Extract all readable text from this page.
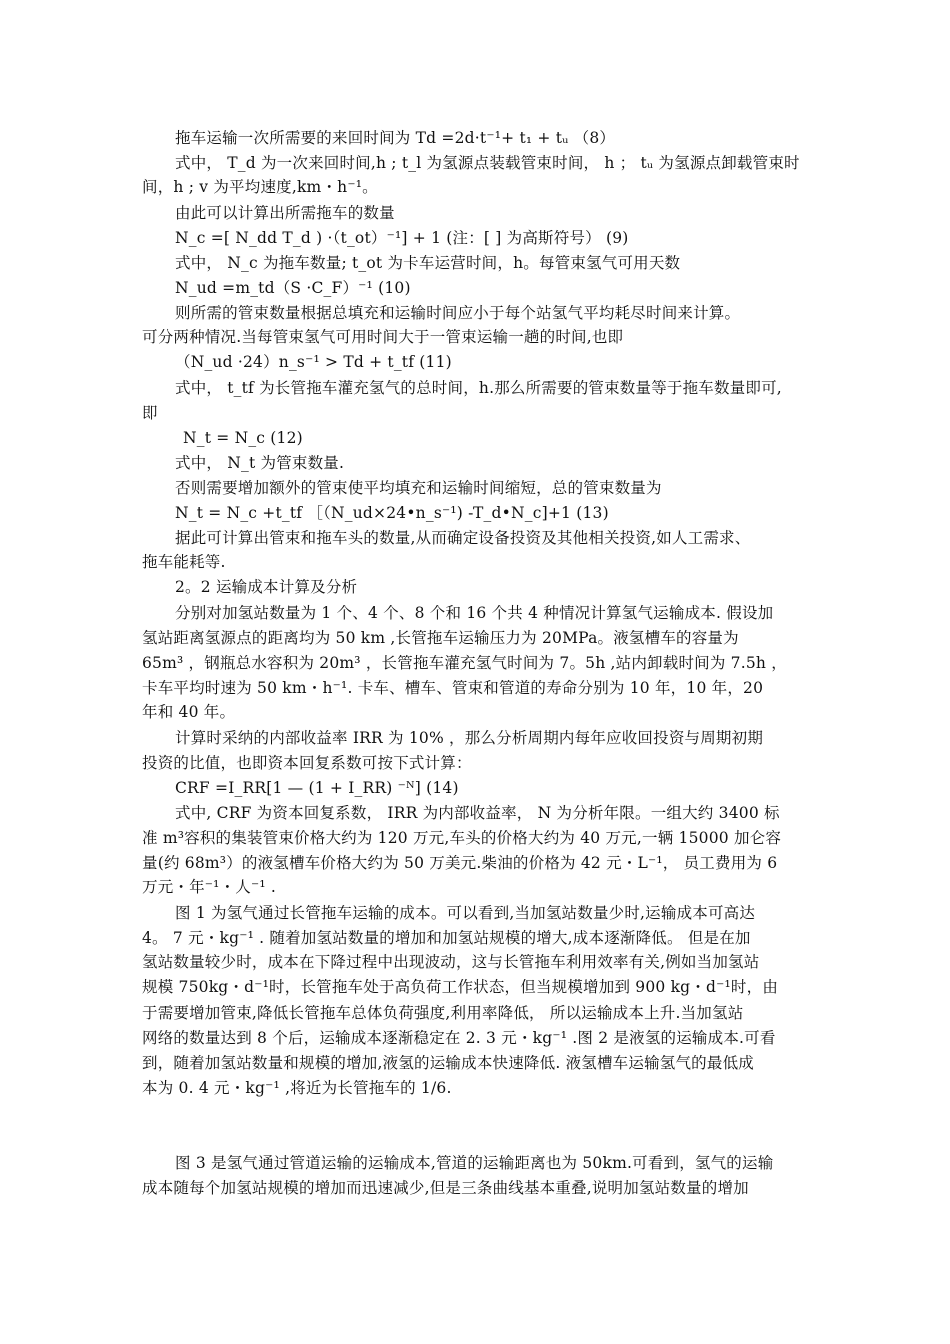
拖车运输一次所需要的来回时间为 Td =2d·t⁻¹+ t₁ + tᵤ （8）
式中， T_d 为一次来回时间,h ; t_l 为氢源点装载管束时间， h ； tᵤ 为氢源点卸载管束时
间，h ; v 为平均速度,km・h⁻¹。
由此可以计算出所需拖车的数量
N_c =[ N_dd T_d ) ·（t_ot）⁻¹] + 1 (注：[ ] 为高斯符号） (9)
式中， N_c 为拖车数量; t_ot 为卡车运营时间，h。每管束氢气可用天数
N_ud =m_td（S ·C_F）⁻¹ (10)
则所需的管束数量根据总填充和运输时间应小于每个站氢气平均耗尽时间来计算。
可分两种情况.当每管束氢气可用时间大于一管束运输一趟的时间,也即
（N_ud ·24）n_s⁻¹ > Td + t_tf (11)
式中， t_tf 为长管拖车灌充氢气的总时间，h.那么所需要的管束数量等于拖车数量即可,
即
N_t = N_c (12)
式中， N_t 为管束数量.
否则需要增加额外的管束使平均填充和运输时间缩短，总的管束数量为
N_t = N_c +t_tf ［（N_ud×24•n_s⁻¹) -T_d•N_c]+1 (13)
据此可计算出管束和拖车头的数量,从而确定设备投资及其他相关投资,如人工需求、
拖车能耗等.
2。2 运输成本计算及分析
分别对加氢站数量为 1 个、4 个、8 个和 16 个共 4 种情况计算氢气运输成本. 假设加
氢站距离氢源点的距离均为 50 km ,长管拖车运输压力为 20MPa。液氢槽车的容量为
65m³ ，钢瓶总水容积为 20m³ ，长管拖车灌充氢气时间为 7。5h ,站内卸载时间为 7.5h ，
卡车平均时速为 50 km・h⁻¹. 卡车、槽车、管束和管道的寿命分别为 10 年，10 年，20
年和 40 年。
计算时采纳的内部收益率 IRR 为 10% ，那么分析周期内每年应收回投资与周期初期
投资的比值，也即资本回复系数可按下式计算：
CRF =I_RR[1 — (1 + I_RR) ⁻ᴺ] (14)
式中, CRF 为资本回复系数， IRR 为内部收益率， N 为分析年限。一组大约 3400 标
准 m³容积的集装管束价格大约为 120 万元,车头的价格大约为 40 万元,一辆 15000 加仑容
量(约 68m³）的液氢槽车价格大约为 50 万美元.柴油的价格为 42 元・L⁻¹， 员工费用为 6
万元・年⁻¹・人⁻¹ .
图 1 为氢气通过长管拖车运输的成本。可以看到,当加氢站数量少时,运输成本可高达
4。 7 元・kg⁻¹ . 随着加氢站数量的增加和加氢站规模的增大,成本逐渐降低。 但是在加
氢站数量较少时，成本在下降过程中出现波动，这与长管拖车利用效率有关,例如当加氢站
规模 750kg・d⁻¹时，长管拖车处于高负荷工作状态，但当规模增加到 900 kg・d⁻¹时，由
于需要增加管束,降低长管拖车总体负荷强度,利用率降低， 所以运输成本上升.当加氢站
网络的数量达到 8 个后，运输成本逐渐稳定在 2. 3 元・kg⁻¹ .图 2 是液氢的运输成本.可看
到，随着加氢站数量和规模的增加,液氢的运输成本快速降低. 液氢槽车运输氢气的最低成
本为 0. 4 元・kg⁻¹ ,将近为长管拖车的 1/6.
图 3 是氢气通过管道运输的运输成本,管道的运输距离也为 50km.可看到，氢气的运输
成本随每个加氢站规模的增加而迅速减少,但是三条曲线基本重叠,说明加氢站数量的增加
